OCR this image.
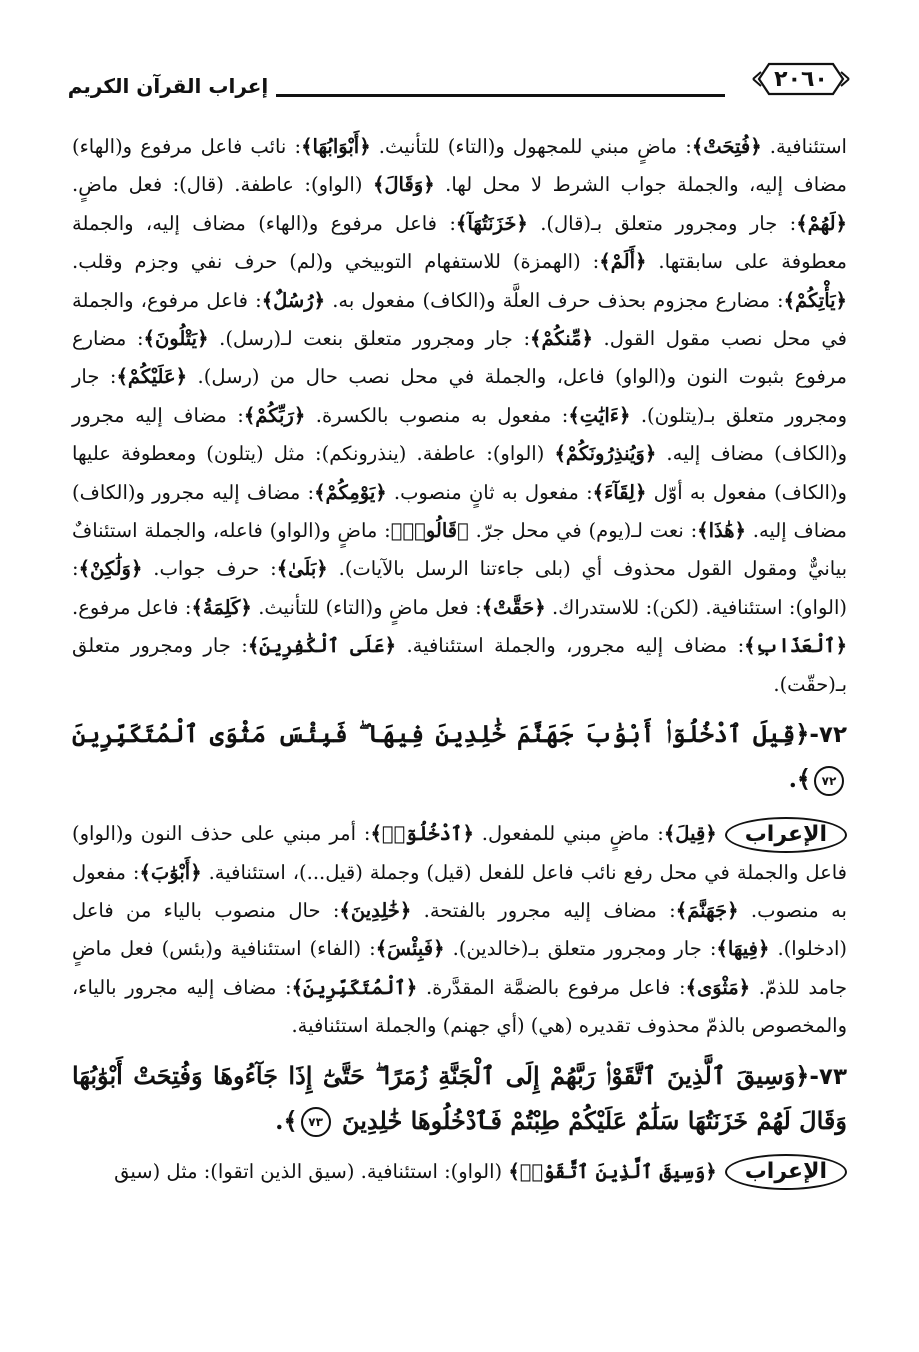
٢٠٦٠
إعراب القرآن الكريم

استئنافية. ﴿فُتِحَتْ﴾: ماضٍ مبني للمجهول و(التاء) للتأنيث. ﴿أَبْوَابُهَا﴾: نائب فاعل مرفوع و(الهاء) مضاف إليه، والجملة جواب الشرط لا محل لها. ﴿وَقَالَ﴾ (الواو): عاطفة. (قال): فعل ماضٍ. ﴿لَهُمْ﴾: جار ومجرور متعلق بـ(قال). ﴿خَزَنَتُهَآ﴾: فاعل مرفوع و(الهاء) مضاف إليه، والجملة معطوفة على سابقتها. ﴿أَلَمْ﴾: (الهمزة) للاستفهام التوبيخي و(لم) حرف نفي وجزم وقلب. ﴿يَأْتِكُمْ﴾: مضارع مجزوم بحذف حرف العلَّة و(الكاف) مفعول به. ﴿رُسُلٌ﴾: فاعل مرفوع، والجملة في محل نصب مقول القول. ﴿مِّنكُمْ﴾: جار ومجرور متعلق بنعت لـ(رسل). ﴿يَتْلُونَ﴾: مضارع مرفوع بثبوت النون و(الواو) فاعل، والجملة في محل نصب حال من (رسل). ﴿عَلَيْكُمْ﴾: جار ومجرور متعلق بـ(يتلون). ﴿ءَايَٰتِ﴾: مفعول به منصوب بالكسرة. ﴿رَبِّكُمْ﴾: مضاف إليه مجرور و(الكاف) مضاف إليه. ﴿وَيُنذِرُونَكُمْ﴾ (الواو): عاطفة. (ينذرونكم): مثل (يتلون) ومعطوفة عليها و(الكاف) مفعول به أوّل ﴿لِقَآءَ﴾: مفعول به ثانٍ منصوب. ﴿يَوْمِكُمْ﴾: مضاف إليه مجرور و(الكاف) مضاف إليه. ﴿هَٰذَا﴾: نعت لـ(يوم) في محل جرّ. ﴿قَالُوا۟﴾: ماضٍ و(الواو) فاعله، والجملة استئنافٌ بيانيٌّ ومقول القول محذوف أي (بلى جاءتنا الرسل بالآيات). ﴿بَلَىٰ﴾: حرف جواب. ﴿وَلَٰكِنْ﴾: (الواو): استئنافية. (لكن): للاستدراك. ﴿حَقَّتْ﴾: فعل ماضٍ و(التاء) للتأنيث. ﴿كَلِمَةُ﴾: فاعل مرفوع. ﴿ٱلْعَذَابِ﴾: مضاف إليه مجرور، والجملة استئنافية. ﴿عَلَى ٱلْكَٰفِرِينَ﴾: جار ومجرور متعلق بـ(حقّت).

٧٢-﴿قِيلَ ٱدْخُلُوٓا۟ أَبْوَٰبَ جَهَنَّمَ خَٰلِدِينَ فِيهَا ۖ فَبِئْسَ مَثْوَى ٱلْمُتَكَبِّرِينَ ٧٢﴾.

الإعراب﴿قِيلَ﴾: ماضٍ مبني للمفعول. ﴿ٱدْخُلُوٓا۟﴾: أمر مبني على حذف النون و(الواو) فاعل والجملة في محل رفع نائب فاعل للفعل (قيل) وجملة (قيل...)، استئنافية. ﴿أَبْوَٰبَ﴾: مفعول به منصوب. ﴿جَهَنَّمَ﴾: مضاف إليه مجرور بالفتحة. ﴿خَٰلِدِينَ﴾: حال منصوب بالياء من فاعل (ادخلوا). ﴿فِيهَا﴾: جار ومجرور متعلق بـ(خالدين). ﴿فَبِئْسَ﴾: (الفاء) استئنافية و(بئس) فعل ماضٍ جامد للذمّ. ﴿مَثْوَى﴾: فاعل مرفوع بالضمَّة المقدَّرة. ﴿ٱلْمُتَكَبِّرِينَ﴾: مضاف إليه مجرور بالياء، والمخصوص بالذمّ محذوف تقديره (هي) (أي جهنم) والجملة استئنافية.

٧٣-﴿وَسِيقَ ٱلَّذِينَ ٱتَّقَوْا۟ رَبَّهُمْ إِلَى ٱلْجَنَّةِ زُمَرًا ۖ حَتَّىٰٓ إِذَا جَآءُوهَا وَفُتِحَتْ أَبْوَٰبُهَا وَقَالَ لَهُمْ خَزَنَتُهَا سَلَٰمٌ عَلَيْكُمْ طِبْتُمْ فَٱدْخُلُوهَا خَٰلِدِينَ ٧٣﴾.

الإعراب﴿وَسِيقَ ٱلَّذِينَ ٱتَّقَوْا۟﴾ (الواو): استئنافية. (سيق الذين اتقوا): مثل (سيق
